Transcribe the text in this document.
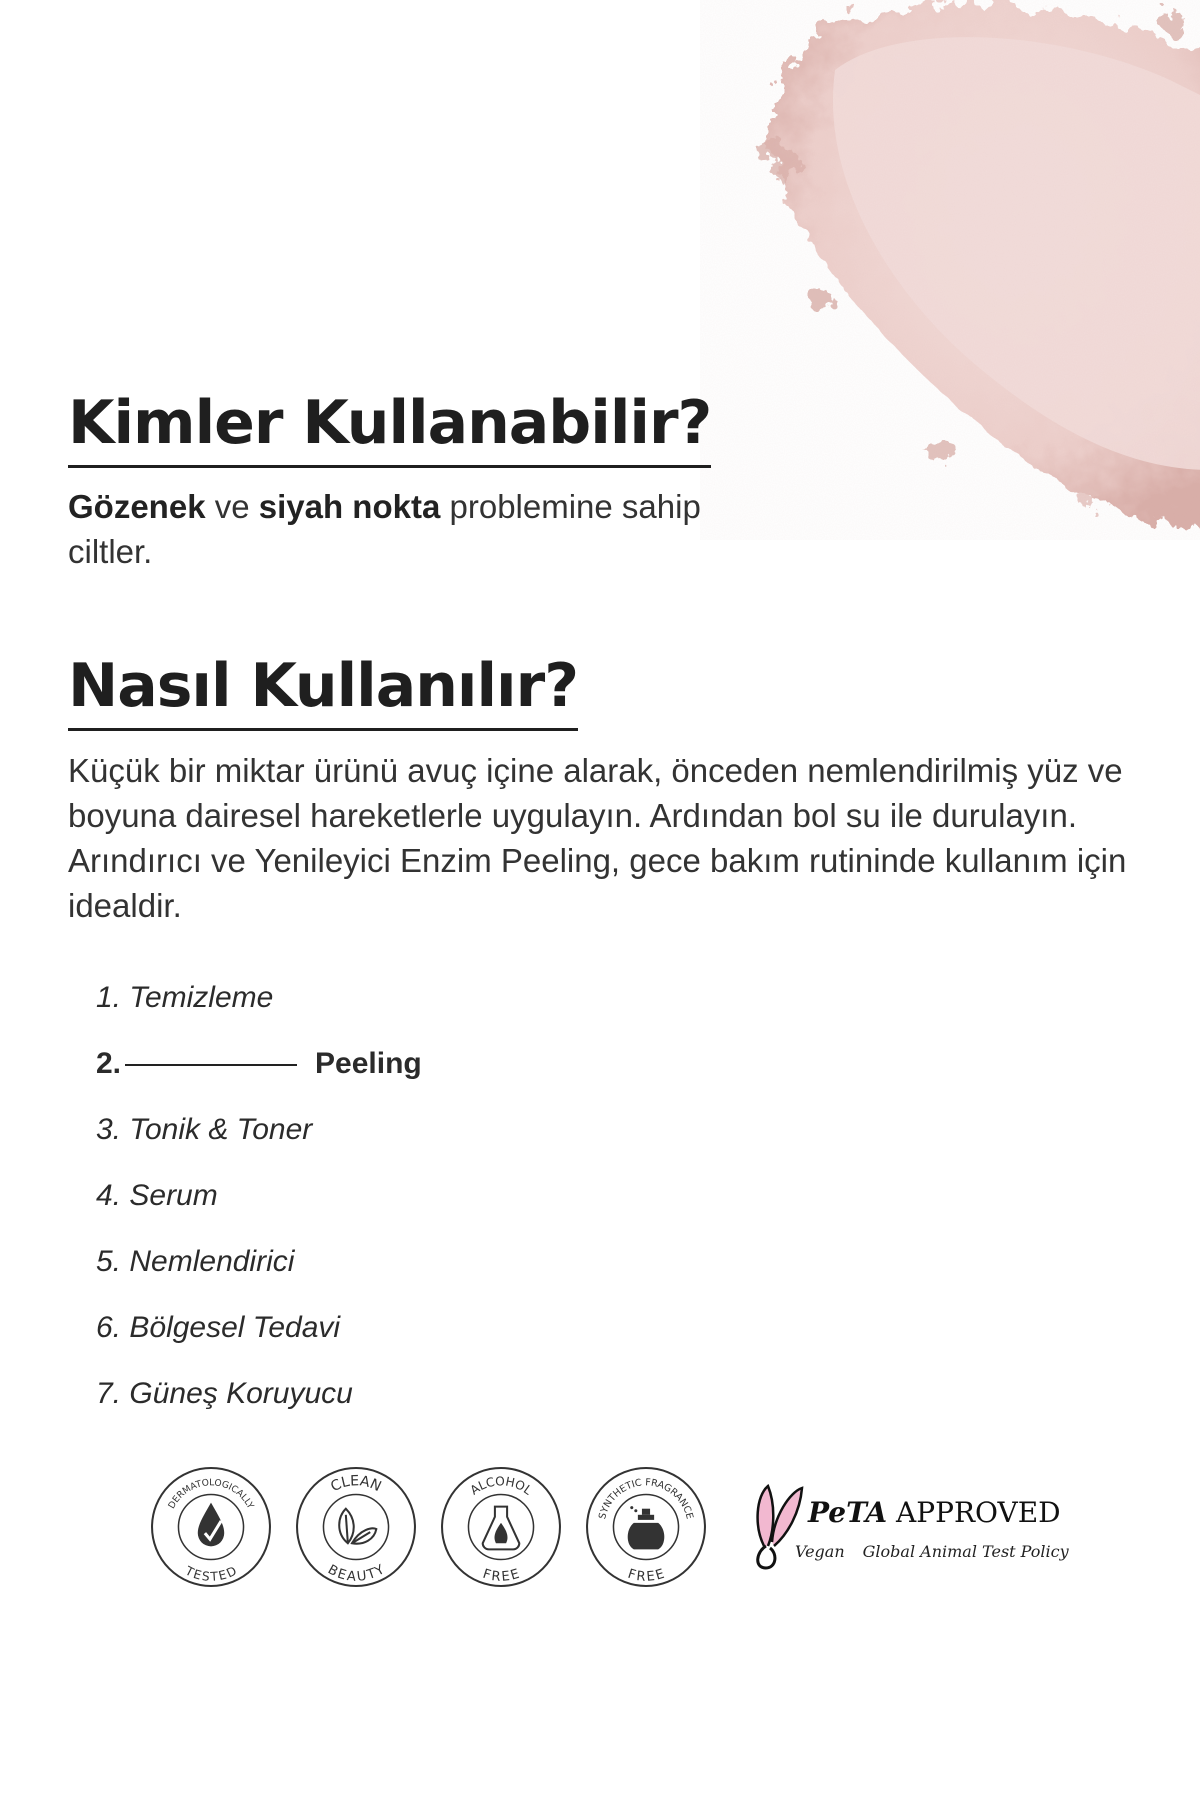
Kimler Kullanabilir?

Gözenek ve siyah nokta problemine sahip ciltler.

Nasıl Kullanılır?

Küçük bir miktar ürünü avuç içine alarak, önceden nemlendirilmiş yüz ve boyuna dairesel hareketlerle uygulayın. Ardından bol su ile durulayın. Arındırıcı ve Yenileyici Enzim Peeling, gece bakım rutininde kullanım için idealdir.

1. Temizleme
2.	Peeling
3. Tonik & Toner
4. Serum
5. Nemlendirici
6. Bölgesel Tedavi
7. Güneş Koruyucu
DERMATOLOGICALLY
TESTED
CLEAN
BEAUTY
ALCOHOL
FREE
SYNTHETIC FRAGRANCE
FREE
PeTA APPROVED
Vegan Global Animal Test Policy
